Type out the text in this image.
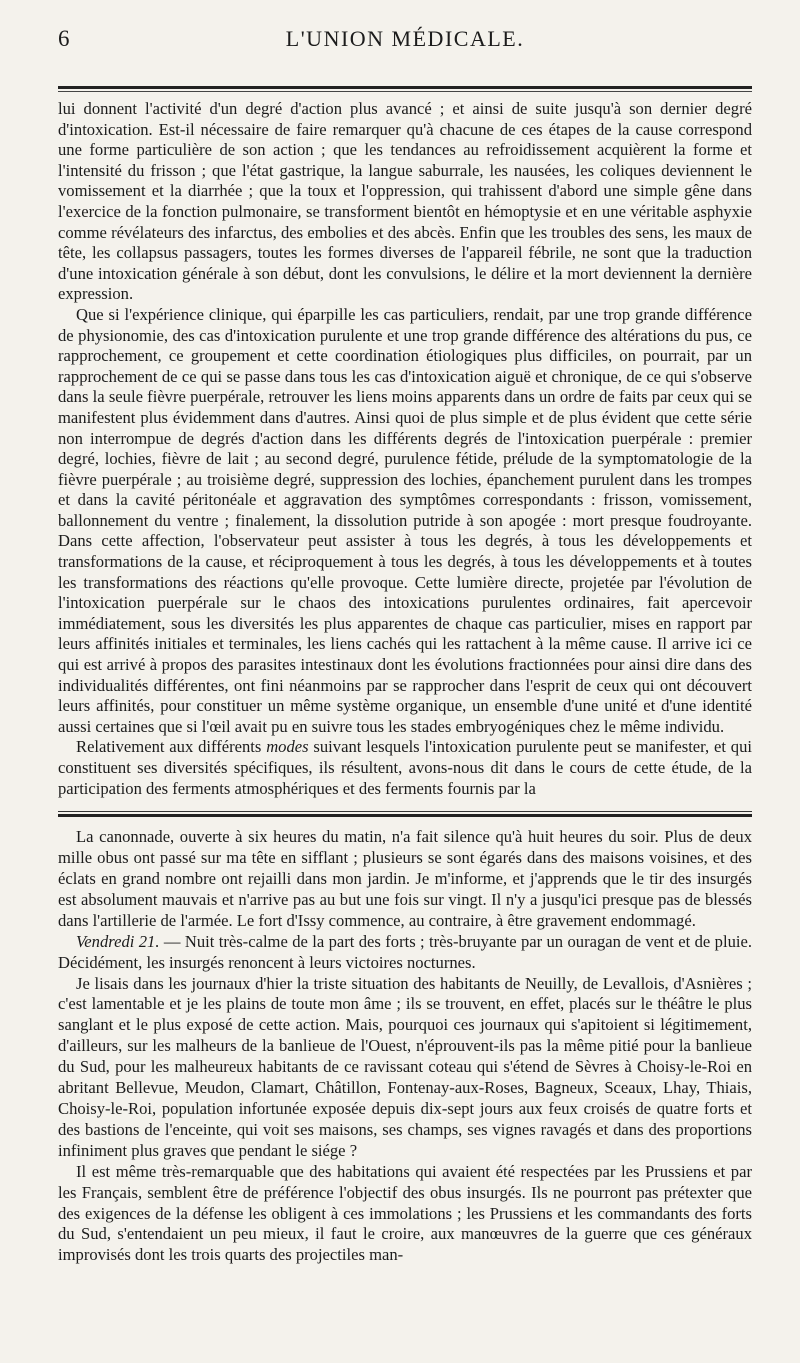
6	L'UNION MÉDICALE.

lui donnent l'activité d'un degré d'action plus avancé ; et ainsi de suite jusqu'à son dernier degré d'intoxication. Est-il nécessaire de faire remarquer qu'à chacune de ces étapes de la cause correspond une forme particulière de son action ; que les tendances au refroidissement acquièrent la forme et l'intensité du frisson ; que l'état gastrique, la langue saburrale, les nausées, les coliques deviennent le vomissement et la diarrhée ; que la toux et l'oppression, qui trahissent d'abord une simple gêne dans l'exercice de la fonction pulmonaire, se transforment bientôt en hémoptysie et en une véritable asphyxie comme révélateurs des infarctus, des embolies et des abcès. Enfin que les troubles des sens, les maux de tête, les collapsus passagers, toutes les formes diverses de l'appareil fébrile, ne sont que la traduction d'une intoxication générale à son début, dont les convulsions, le délire et la mort deviennent la dernière expression.

Que si l'expérience clinique, qui éparpille les cas particuliers, rendait, par une trop grande différence de physionomie, des cas d'intoxication purulente et une trop grande différence des altérations du pus, ce rapprochement, ce groupement et cette coordination étiologiques plus difficiles, on pourrait, par un rapprochement de ce qui se passe dans tous les cas d'intoxication aiguë et chronique, de ce qui s'observe dans la seule fièvre puerpérale, retrouver les liens moins apparents dans un ordre de faits par ceux qui se manifestent plus évidemment dans d'autres. Ainsi quoi de plus simple et de plus évident que cette série non interrompue de degrés d'action dans les différents degrés de l'intoxication puerpérale : premier degré, lochies, fièvre de lait ; au second degré, purulence fétide, prélude de la symptomatologie de la fièvre puerpérale ; au troisième degré, suppression des lochies, épanchement purulent dans les trompes et dans la cavité péritonéale et aggravation des symptômes correspondants : frisson, vomissement, ballonnement du ventre ; finalement, la dissolution putride à son apogée : mort presque foudroyante. Dans cette affection, l'observateur peut assister à tous les degrés, à tous les développements et transformations de la cause, et réciproquement à tous les degrés, à tous les développements et à toutes les transformations des réactions qu'elle provoque. Cette lumière directe, projetée par l'évolution de l'intoxication puerpérale sur le chaos des intoxications purulentes ordinaires, fait apercevoir immédiatement, sous les diversités les plus apparentes de chaque cas particulier, mises en rapport par leurs affinités initiales et terminales, les liens cachés qui les rattachent à la même cause. Il arrive ici ce qui est arrivé à propos des parasites intestinaux dont les évolutions fractionnées pour ainsi dire dans des individualités différentes, ont fini néanmoins par se rapprocher dans l'esprit de ceux qui ont découvert leurs affinités, pour constituer un même système organique, un ensemble d'une unité et d'une identité aussi certaines que si l'œil avait pu en suivre tous les stades embryogéniques chez le même individu.

Relativement aux différents modes suivant lesquels l'intoxication purulente peut se manifester, et qui constituent ses diversités spécifiques, ils résultent, avons-nous dit dans le cours de cette étude, de la participation des ferments atmosphériques et des ferments fournis par la

La canonnade, ouverte à six heures du matin, n'a fait silence qu'à huit heures du soir. Plus de deux mille obus ont passé sur ma tête en sifflant ; plusieurs se sont égarés dans des maisons voisines, et des éclats en grand nombre ont rejailli dans mon jardin. Je m'informe, et j'apprends que le tir des insurgés est absolument mauvais et n'arrive pas au but une fois sur vingt. Il n'y a jusqu'ici presque pas de blessés dans l'artillerie de l'armée. Le fort d'Issy commence, au contraire, à être gravement endommagé.

Vendredi 21. — Nuit très-calme de la part des forts ; très-bruyante par un ouragan de vent et de pluie. Décidément, les insurgés renoncent à leurs victoires nocturnes.

Je lisais dans les journaux d'hier la triste situation des habitants de Neuilly, de Levallois, d'Asnières ; c'est lamentable et je les plains de toute mon âme ; ils se trouvent, en effet, placés sur le théâtre le plus sanglant et le plus exposé de cette action. Mais, pourquoi ces journaux qui s'apitoient si légitimement, d'ailleurs, sur les malheurs de la banlieue de l'Ouest, n'éprouvent-ils pas la même pitié pour la banlieue du Sud, pour les malheureux habitants de ce ravissant coteau qui s'étend de Sèvres à Choisy-le-Roi en abritant Bellevue, Meudon, Clamart, Châtillon, Fontenay-aux-Roses, Bagneux, Sceaux, Lhay, Thiais, Choisy-le-Roi, population infortunée exposée depuis dix-sept jours aux feux croisés de quatre forts et des bastions de l'enceinte, qui voit ses maisons, ses champs, ses vignes ravagés et dans des proportions infiniment plus graves que pendant le siége ?

Il est même très-remarquable que des habitations qui avaient été respectées par les Prussiens et par les Français, semblent être de préférence l'objectif des obus insurgés. Ils ne pourront pas prétexter que des exigences de la défense les obligent à ces immolations ; les Prussiens et les commandants des forts du Sud, s'entendaient un peu mieux, il faut le croire, aux manœuvres de la guerre que ces généraux improvisés dont les trois quarts des projectiles man-
